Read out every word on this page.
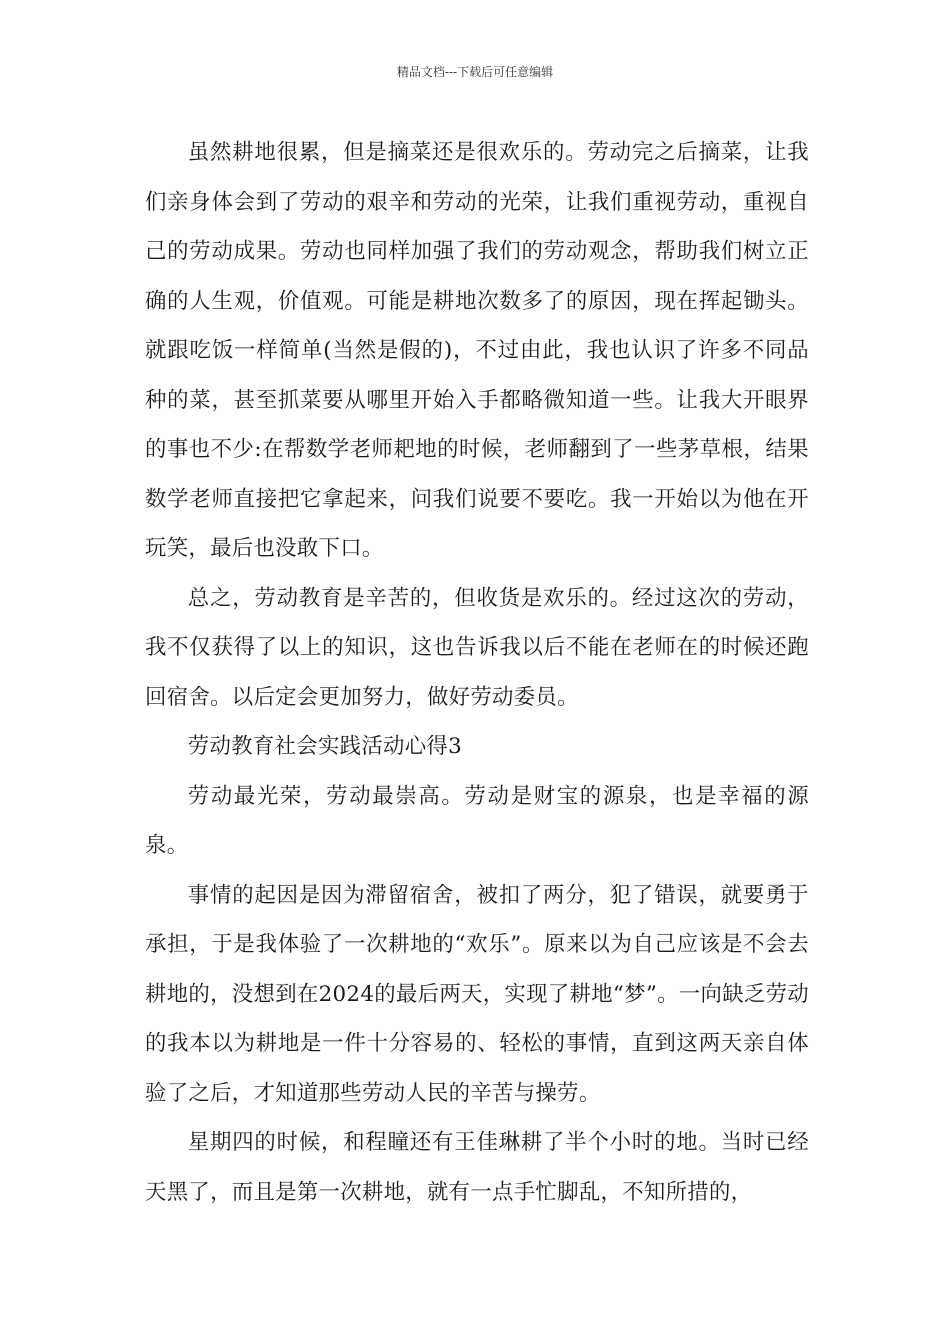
精品文档---下载后可任意编辑

虽然耕地很累，但是摘菜还是很欢乐的。劳动完之后摘菜，让我们亲身体会到了劳动的艰辛和劳动的光荣，让我们重视劳动，重视自己的劳动成果。劳动也同样加强了我们的劳动观念，帮助我们树立正确的人生观，价值观。可能是耕地次数多了的原因，现在挥起锄头。就跟吃饭一样简单(当然是假的)，不过由此，我也认识了许多不同品种的菜，甚至抓菜要从哪里开始入手都略微知道一些。让我大开眼界的事也不少:在帮数学老师耙地的时候，老师翻到了一些茅草根，结果数学老师直接把它拿起来，问我们说要不要吃。我一开始以为他在开玩笑，最后也没敢下口。

总之，劳动教育是辛苦的，但收货是欢乐的。经过这次的劳动，我不仅获得了以上的知识，这也告诉我以后不能在老师在的时候还跑回宿舍。以后定会更加努力，做好劳动委员。

劳动教育社会实践活动心得3

劳动最光荣，劳动最崇高。劳动是财宝的源泉，也是幸福的源泉。

事情的起因是因为滞留宿舍，被扣了两分，犯了错误，就要勇于承担，于是我体验了一次耕地的“欢乐”。原来以为自己应该是不会去耕地的，没想到在2024的最后两天，实现了耕地“梦”。一向缺乏劳动的我本以为耕地是一件十分容易的、轻松的事情，直到这两天亲自体验了之后，才知道那些劳动人民的辛苦与操劳。

星期四的时候，和程瞳还有王佳琳耕了半个小时的地。当时已经天黑了，而且是第一次耕地，就有一点手忙脚乱，不知所措的，
